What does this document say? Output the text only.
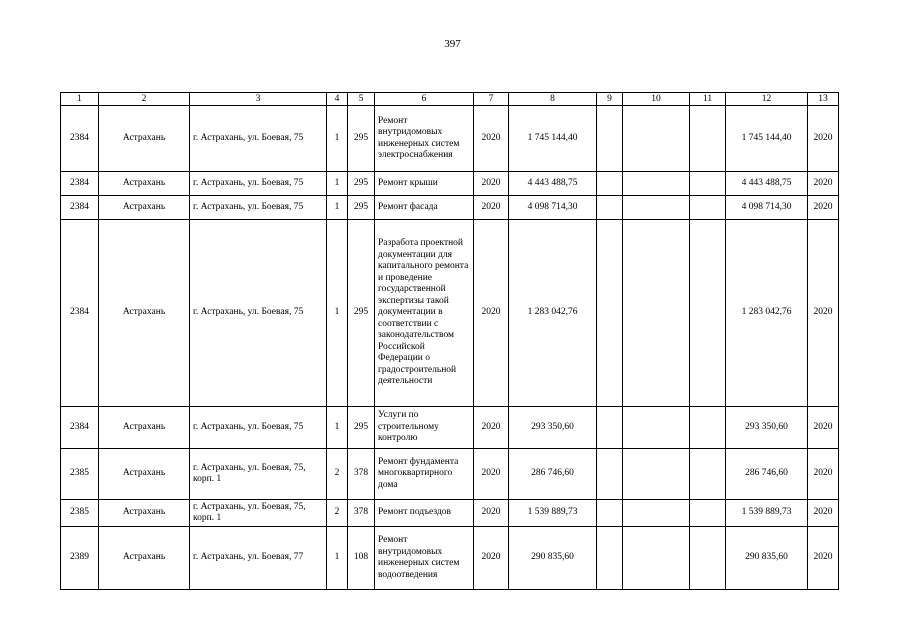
397
1	2	3	4	5	6	7	8	9	10	11	12	13
2384	Астрахань	г. Астрахань, ул. Боевая, 75	1	295	Ремонт внутридомовых инженерных систем электроснабжения	2020	1 745 144,40				1 745 144,40	2020
2384	Астрахань	г. Астрахань, ул. Боевая, 75	1	295	Ремонт крыши	2020	4 443 488,75				4 443 488,75	2020
2384	Астрахань	г. Астрахань, ул. Боевая, 75	1	295	Ремонт фасада	2020	4 098 714,30				4 098 714,30	2020
2384	Астрахань	г. Астрахань, ул. Боевая, 75	1	295	Разработа проектной документации для капитального ремонта и проведение государственной экспертизы такой документации в соответствии с законодательством Российской Федерации о градостроительной деятельности	2020	1 283 042,76				1 283 042,76	2020
2384	Астрахань	г. Астрахань, ул. Боевая, 75	1	295	Услуги по строительному контролю	2020	293 350,60				293 350,60	2020
2385	Астрахань	г. Астрахань, ул. Боевая, 75, корп. 1	2	378	Ремонт фундамента многоквартирного дома	2020	286 746,60				286 746,60	2020
2385	Астрахань	г. Астрахань, ул. Боевая, 75, корп. 1	2	378	Ремонт подъездов	2020	1 539 889,73				1 539 889,73	2020
2389	Астрахань	г. Астрахань, ул. Боевая, 77	1	108	Ремонт внутридомовых инженерных систем водоотведения	2020	290 835,60				290 835,60	2020
